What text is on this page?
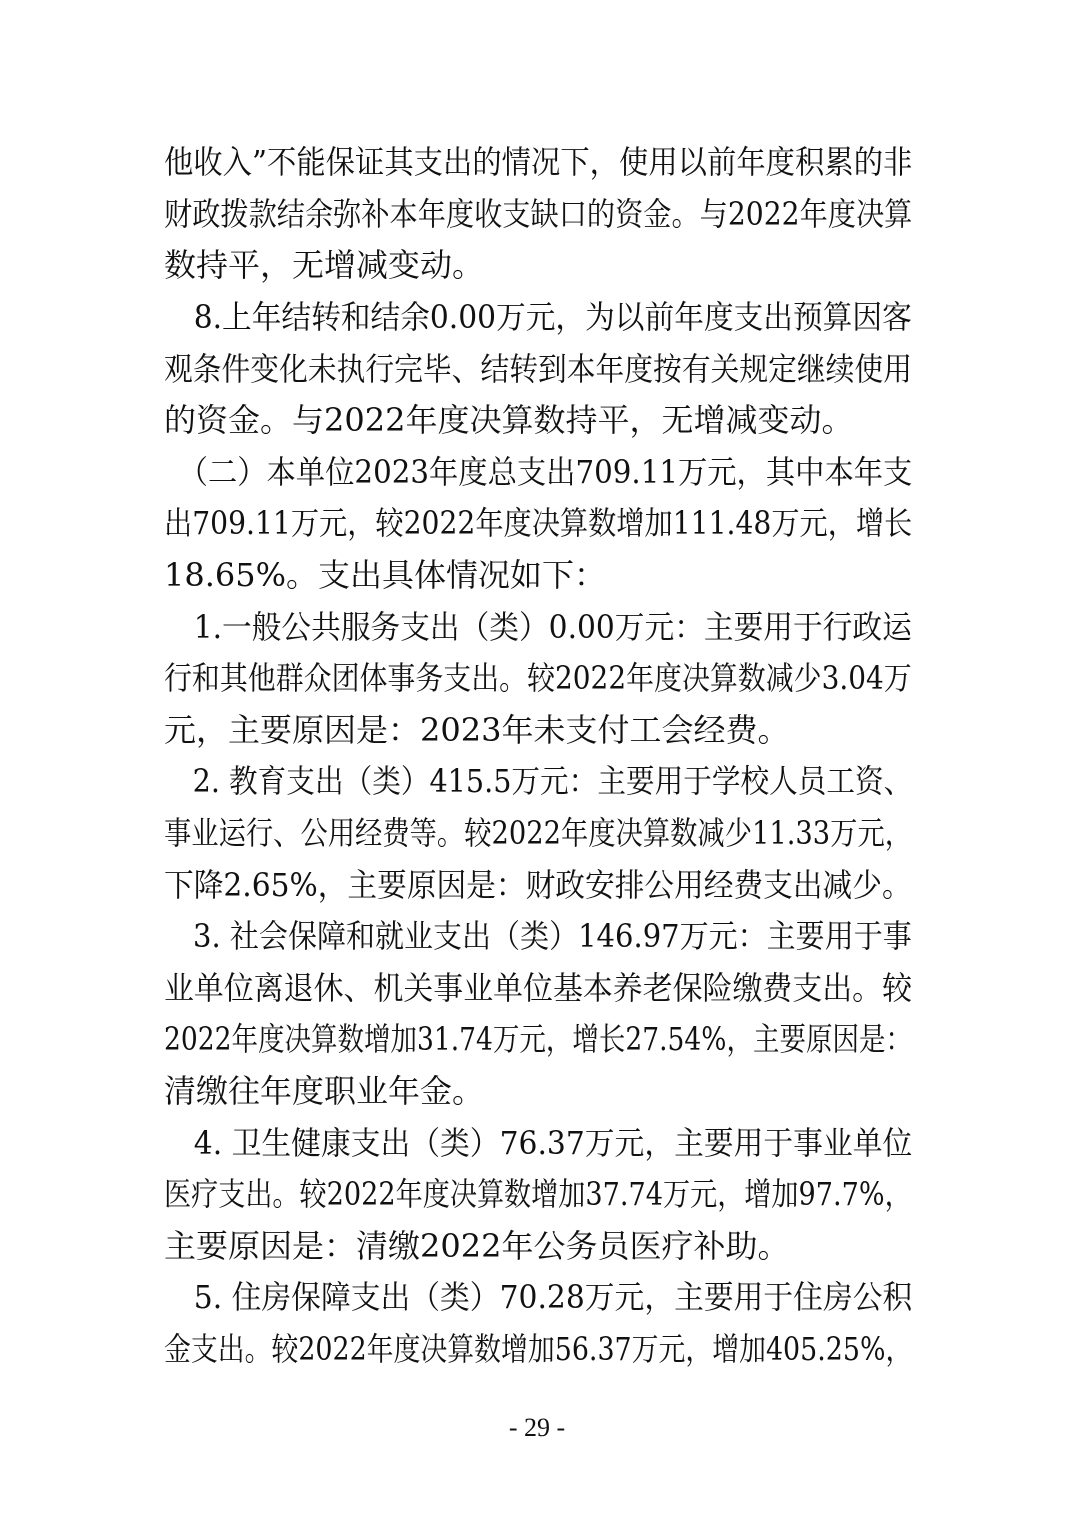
他收入”不能保证其支出的情况下，使用以前年度积累的非
财政拨款结余弥补本年度收支缺口的资金。与2022年度决算
数持平，无增减变动。
　8.上年结转和结余0.00万元，为以前年度支出预算因客
观条件变化未执行完毕、结转到本年度按有关规定继续使用
的资金。与2022年度决算数持平，无增减变动。
　（二）本单位2023年度总支出709.11万元，其中本年支
出709.11万元，较2022年度决算数增加111.48万元，增长
18.65%。支出具体情况如下：
　1.一般公共服务支出（类）0.00万元：主要用于行政运
行和其他群众团体事务支出。较2022年度决算数减少3.04万
元，主要原因是：2023年未支付工会经费。
　2. 教育支出（类）415.5万元：主要用于学校人员工资、
事业运行、公用经费等。较2022年度决算数减少11.33万元，
下降2.65%，主要原因是：财政安排公用经费支出减少。
　3. 社会保障和就业支出（类）146.97万元：主要用于事
业单位离退休、机关事业单位基本养老保险缴费支出。较
2022年度决算数增加31.74万元，增长27.54%，主要原因是：
清缴往年度职业年金。
　4. 卫生健康支出（类）76.37万元，主要用于事业单位
医疗支出。较2022年度决算数增加37.74万元，增加97.7%，
主要原因是：清缴2022年公务员医疗补助。
　5. 住房保障支出（类）70.28万元，主要用于住房公积
金支出。较2022年度决算数增加56.37万元，增加405.25%，
- 29 -
